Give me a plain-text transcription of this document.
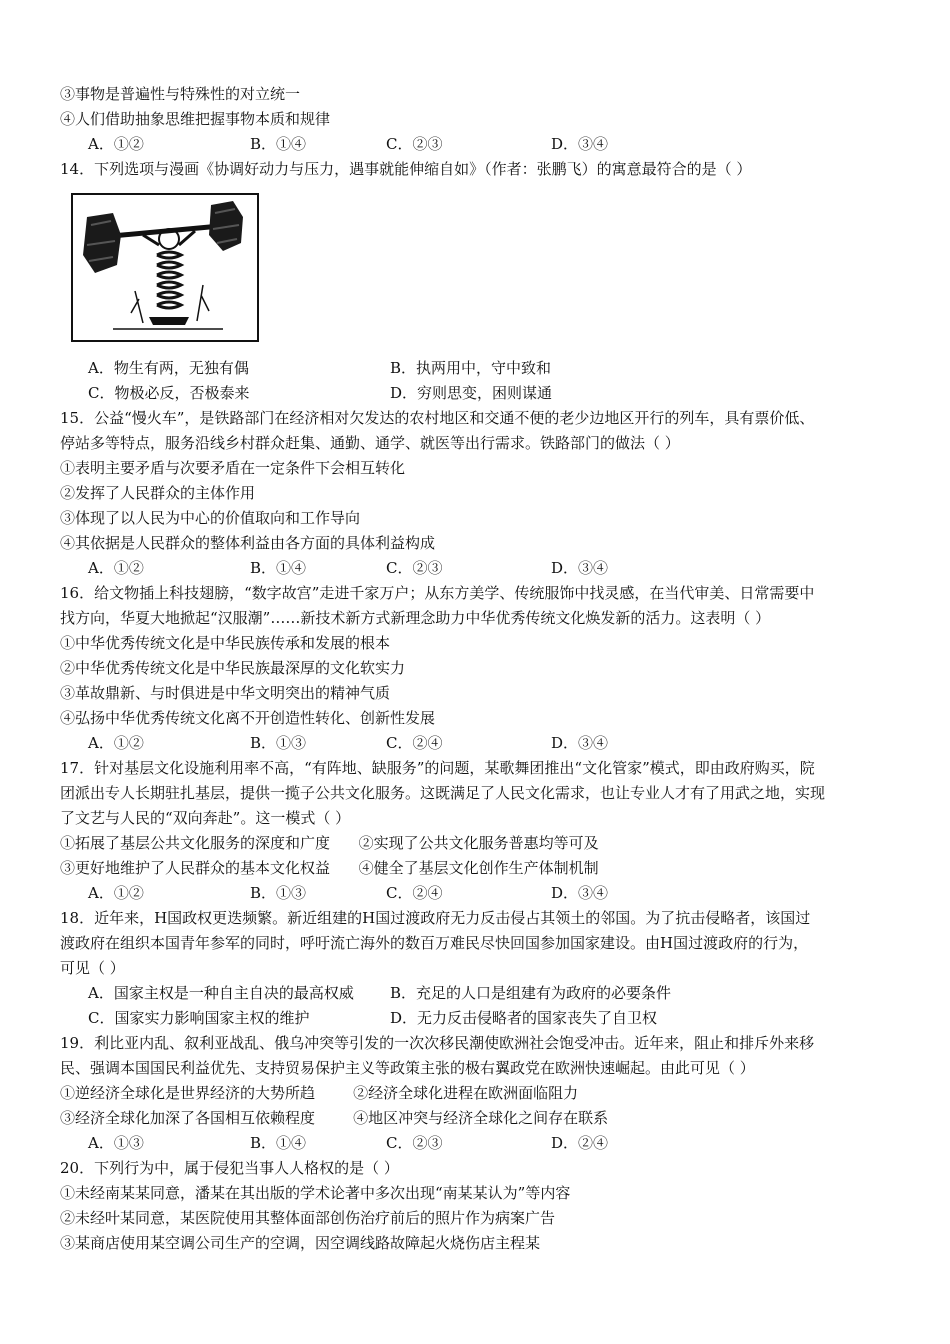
③事物是普遍性与特殊性的对立统一
④人们借助抽象思维把握事物本质和规律
A．①②	B．①④	C．②③	D．③④
14．下列选项与漫画《协调好动力与压力，遇事就能伸缩自如》（作者：张鹏飞）的寓意最符合的是（ ）
A．物生有两，无独有偶	B．执两用中，守中致和
C．物极必反，否极泰来	D．穷则思变，困则谋通
15．公益“慢火车”，是铁路部门在经济相对欠发达的农村地区和交通不便的老少边地区开行的列车，具有票价低、
停站多等特点，服务沿线乡村群众赶集、通勤、通学、就医等出行需求。铁路部门的做法（ ）
①表明主要矛盾与次要矛盾在一定条件下会相互转化
②发挥了人民群众的主体作用
③体现了以人民为中心的价值取向和工作导向
④其依据是人民群众的整体利益由各方面的具体利益构成
A．①②	B．①④	C．②③	D．③④
16．给文物插上科技翅膀，“数字故宫”走进千家万户；从东方美学、传统服饰中找灵感，在当代审美、日常需要中
找方向，华夏大地掀起“汉服潮”……新技术新方式新理念助力中华优秀传统文化焕发新的活力。这表明（ ）
①中华优秀传统文化是中华民族传承和发展的根本
②中华优秀传统文化是中华民族最深厚的文化软实力
③革故鼎新、与时俱进是中华文明突出的精神气质
④弘扬中华优秀传统文化离不开创造性转化、创新性发展
A．①②	B．①③	C．②④	D．③④
17．针对基层文化设施利用率不高，“有阵地、缺服务”的问题，某歌舞团推出“文化管家”模式，即由政府购买，院
团派出专人长期驻扎基层，提供一揽子公共文化服务。这既满足了人民文化需求，也让专业人才有了用武之地，实现
了文艺与人民的“双向奔赴”。这一模式（ ）
①拓展了基层公共文化服务的深度和广度      ②实现了公共文化服务普惠均等可及
③更好地维护了人民群众的基本文化权益      ④健全了基层文化创作生产体制机制
A．①②	B．①③	C．②④	D．③④
18．近年来，H国政权更迭频繁。新近组建的H国过渡政府无力反击侵占其领土的邻国。为了抗击侵略者，该国过
渡政府在组织本国青年参军的同时，呼吁流亡海外的数百万难民尽快回国参加国家建设。由H国过渡政府的行为，
可见（ ）
A．国家主权是一种自主自决的最高权威 B．充足的人口是组建有为政府的必要条件
C．国家实力影响国家主权的维护	D．无力反击侵略者的国家丧失了自卫权
19．利比亚内乱、叙利亚战乱、俄乌冲突等引发的一次次移民潮使欧洲社会饱受冲击。近年来，阻止和排斥外来移
民、强调本国国民利益优先、支持贸易保护主义等政策主张的极右翼政党在欧洲快速崛起。由此可见（ ）
①逆经济全球化是世界经济的大势所趋        ②经济全球化进程在欧洲面临阻力
③经济全球化加深了各国相互依赖程度        ④地区冲突与经济全球化之间存在联系
A．①③	B．①④	C．②③	D．②④
20．下列行为中，属于侵犯当事人人格权的是（ ）
①未经南某某同意，潘某在其出版的学术论著中多次出现“南某某认为”等内容
②未经叶某同意，某医院使用其整体面部创伤治疗前后的照片作为病案广告
③某商店使用某空调公司生产的空调，因空调线路故障起火烧伤店主程某
